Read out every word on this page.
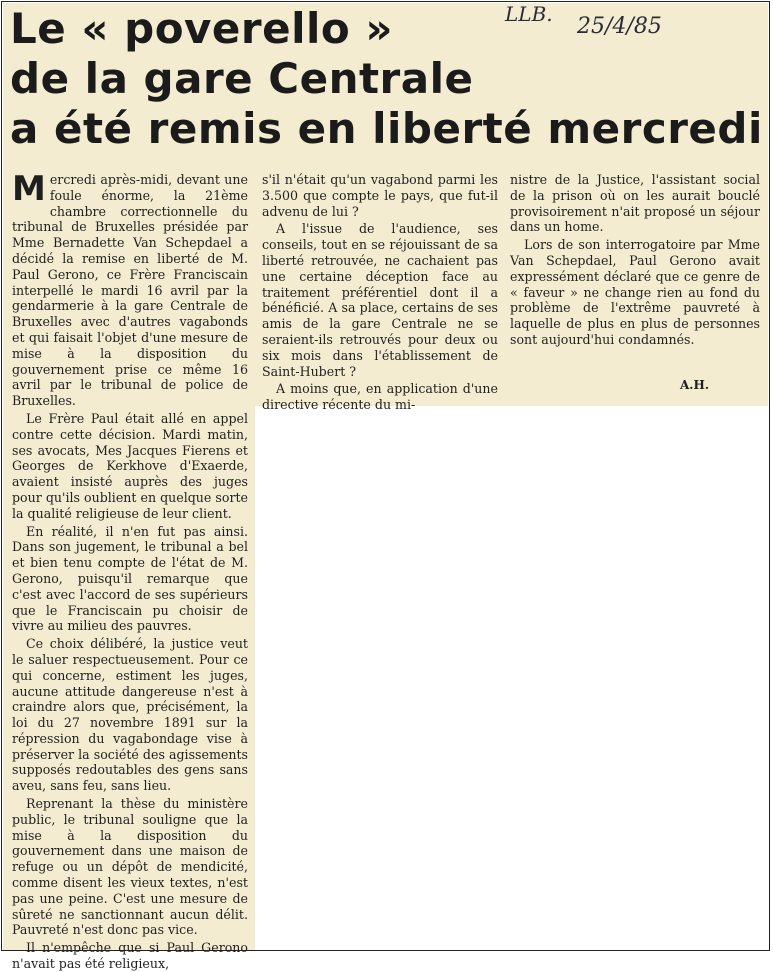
Le « poverello »
de la gare Centrale
a été remis en liberté mercredi
LLB. 25/4/85

Mercredi après-midi, devant une foule énorme, la 21ème chambre correctionnelle du tribunal de Bruxelles présidée par Mme Bernadette Van Schepdael a décidé la remise en liberté de M. Paul Gerono, ce Frère Franciscain interpellé le mardi 16 avril par la gendarmerie à la gare Centrale de Bruxelles avec d'autres vagabonds et qui faisait l'objet d'une mesure de mise à la disposition du gouvernement prise ce même 16 avril par le tribunal de police de Bruxelles.

Le Frère Paul était allé en appel contre cette décision. Mardi matin, ses avocats, Mes Jacques Fierens et Georges de Kerkhove d'Exaerde, avaient insisté auprès des juges pour qu'ils oublient en quelque sorte la qualité religieuse de leur client.

En réalité, il n'en fut pas ainsi. Dans son jugement, le tribunal a bel et bien tenu compte de l'état de M. Gerono, puisqu'il remarque que c'est avec l'accord de ses supérieurs que le Franciscain pu choisir de vivre au milieu des pauvres.

Ce choix délibéré, la justice veut le saluer respectueusement. Pour ce qui concerne, estiment les juges, aucune attitude dangereuse n'est à craindre alors que, précisément, la loi du 27 novembre 1891 sur la répression du vagabondage vise à préserver la société des agissements supposés redoutables des gens sans aveu, sans feu, sans lieu.

Reprenant la thèse du ministère public, le tribunal souligne que la mise à la disposition du gouvernement dans une maison de refuge ou un dépôt de mendicité, comme disent les vieux textes, n'est pas une peine. C'est une mesure de sûreté ne sanctionnant aucun délit. Pauvreté n'est donc pas vice.

Il n'empêche que si Paul Gerono n'avait pas été religieux,

s'il n'était qu'un vagabond parmi les 3.500 que compte le pays, que fut-il advenu de lui ?

A l'issue de l'audience, ses conseils, tout en se réjouissant de sa liberté retrouvée, ne cachaient pas une certaine déception face au traitement préférentiel dont il a bénéficié. A sa place, certains de ses amis de la gare Centrale ne se seraient-ils retrouvés pour deux ou six mois dans l'établissement de Saint-Hubert ?

A moins que, en application d'une directive récente du mi-

nistre de la Justice, l'assistant social de la prison où on les aurait bouclé provisoirement n'ait proposé un séjour dans un home.

Lors de son interrogatoire par Mme Van Schepdael, Paul Gerono avait expressément déclaré que ce genre de « faveur » ne change rien au fond du problème de l'extrême pauvreté à laquelle de plus en plus de personnes sont aujourd'hui condamnés.

A.H.
